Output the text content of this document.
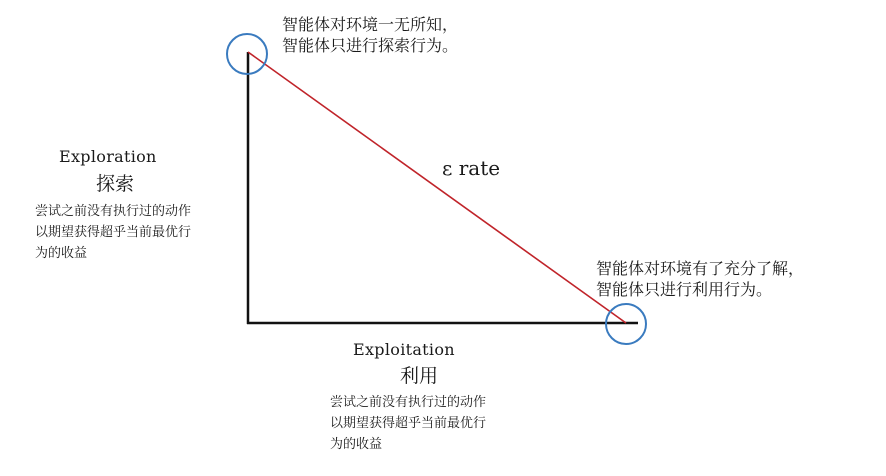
智能体对环境一无所知，
智能体只进行探索行为。
智能体对环境有了充分了解，
智能体只进行利用行为。
ε rate
Exploration
探索
尝试之前没有执行过的动作
以期望获得超乎当前最优行
为的收益
Exploitation
利用
尝试之前没有执行过的动作
以期望获得超乎当前最优行
为的收益
